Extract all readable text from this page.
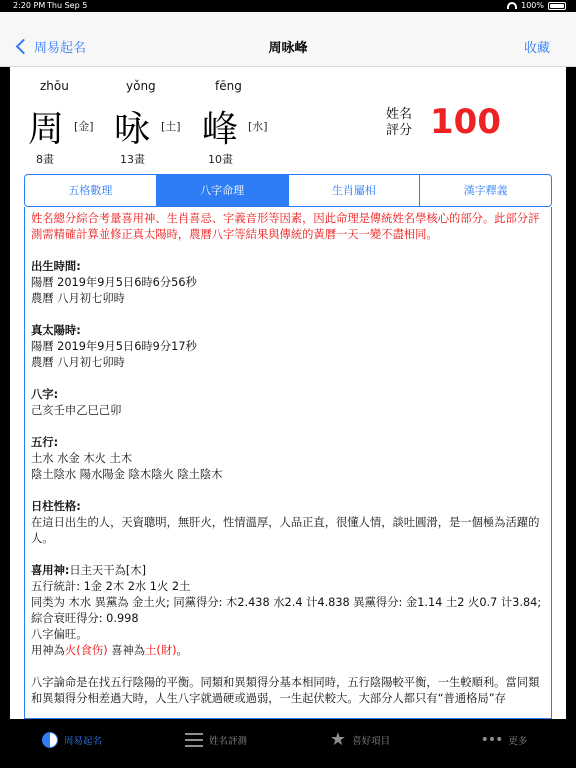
2:20 PM Thu Sep 5	100%
周易起名	周咏峰	收藏
zhōu
周 [金]
8畫
yǒng
咏 [土]
13畫
fēng
峰 [水]
10畫
姓名
評分 100
五格數理	八字命理	生肖屬相	漢字釋義

姓名總分綜合考量喜用神、生肖喜忌、字義音形等因素，因此命理是傳統姓名學核心的部分。此部分評測需精確計算並修正真太陽時，農曆八字等結果與傳統的黃曆一天一變不盡相同。

出生時間:

陽曆 2019年9月5日6時6分56秒

農曆 八月初七卯時

真太陽時:

陽曆 2019年9月5日6時9分17秒

農曆 八月初七卯時

八字:

己亥壬申乙巳己卯

五行:

土水 水金 木火 土木

陰土陰水 陽水陽金 陰木陰火 陰土陰木

日柱性格:

在這日出生的人，天資聰明，無肝火，性情溫厚，人品正直，很懂人情，談吐圓滑，是一個極為活躍的人。

喜用神:日主天干為[木]

五行統計: 1金 2木 2水 1火 2土

同类为 木水 異黨為 金土火; 同黨得分: 木2.438 水2.4 计4.838 異黨得分: 金1.14 土2 火0.7 计3.84; 綜合衰旺得分: 0.998

八字偏旺。

用神為火(食伤) 喜神為土(財)。

八字論命是在找五行陰陽的平衡。同類和異類得分基本相同時，五行陰陽較平衡，一生較順利。當同類和異類得分相差過大時，人生八字就過硬或過弱，一生起伏較大。大部分人都只有“普通格局”存

周易起名	姓名評測	★ 喜好項目	••• 更多
